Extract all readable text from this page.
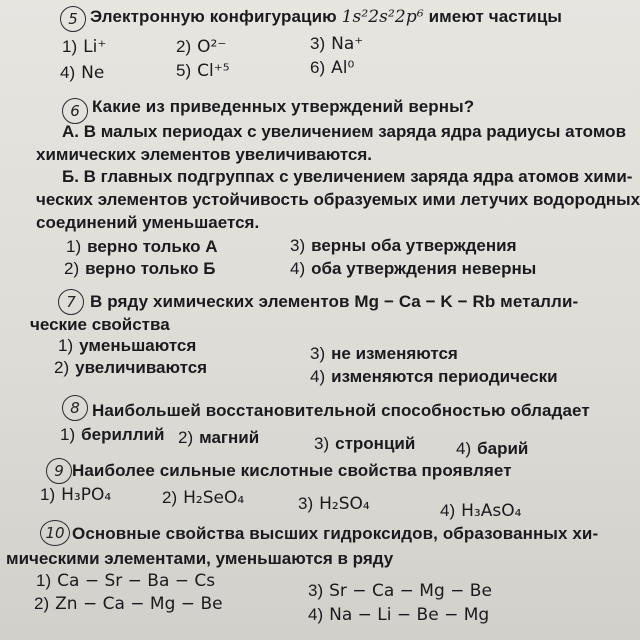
5 Электронную конфигурацию 1s²2s²2p⁶ имеют частицы
1) Li⁺	2) O²⁻	3) Na⁺
4) Ne	5) Cl⁺⁵	6) Al⁰
6 Какие из приведенных утверждений верны?
А. В малых периодах с увеличением заряда ядра радиусы атомов
химических элементов увеличиваются.
Б. В главных подгруппах с увеличением заряда ядра атомов хими-
ческих элементов устойчивость образуемых ими летучих водородных
соединений уменьшается.
1) верно только А	3) верны оба утверждения
2) верно только Б	4) оба утверждения неверны
7 В ряду химических элементов Mg − Ca − K − Rb металли-
ческие свойства
1) уменьшаются
2) увеличиваются
3) не изменяются
4) изменяются периодически
8 Наибольшей восстановительной способностью обладает
1) бериллий 2) магний	3) стронций 4) барий
9 Наиболее сильные кислотные свойства проявляет
1) H₃PO₄	2) H₂SeO₄	3) H₂SO₄	4) H₃AsO₄
10 Основные свойства высших гидроксидов, образованных хи-
мическими элементами, уменьшаются в ряду
1) Ca − Sr − Ba − Cs	3) Sr − Ca − Mg − Be
2) Zn − Ca − Mg − Be
4) Na − Li − Be − Mg
